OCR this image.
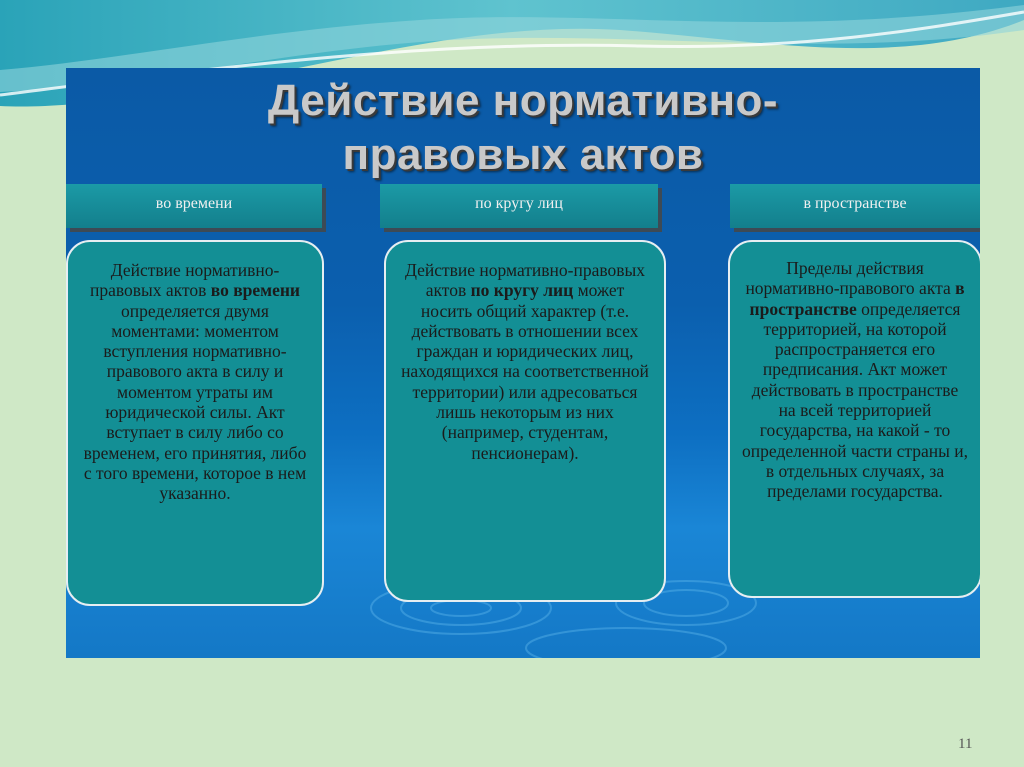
Действие нормативно-
правовых актов
во времени	по кругу лиц	в пространстве
Действие нормативно-правовых актов во времени определяется двумя моментами: моментом вступления нормативно-правового акта в силу и моментом утраты им юридической силы. Акт вступает в силу либо со временем, его принятия, либо с того времени, которое в нем указанно.
Действие нормативно-правовых актов по кругу лиц может носить общий характер (т.е. действовать в отношении всех граждан и юридических лиц, находящихся на соответственной территории) или адресоваться лишь некоторым из них (например, студентам, пенсионерам).
Пределы действия нормативно-правового акта в пространстве определяется территорией, на которой распространяется его предписания. Акт может действовать в пространстве на всей территорией государства, на какой - то определенной части страны и, в отдельных случаях, за пределами государства.
11
